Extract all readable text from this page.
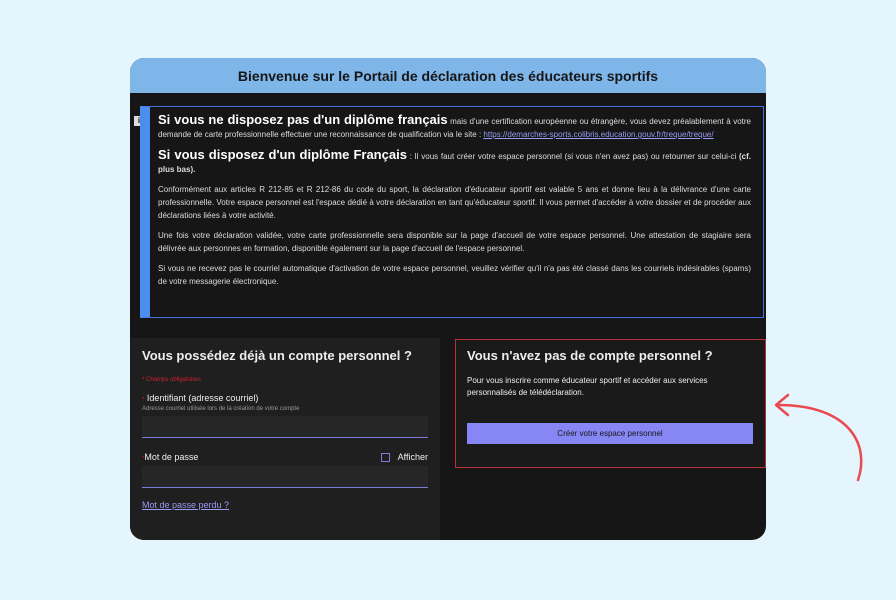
Bienvenue sur le Portail de déclaration des éducateurs sportifs
i Si vous ne disposez pas d'un diplôme français mais d'une certification européenne ou étrangère, vous devez préalablement à votre demande de carte professionnelle effectuer une reconnaissance de qualification via le site : https://demarches-sports.colibris.education.gouv.fr/treque/treque/

Si vous disposez d'un diplôme Français : Il vous faut créer votre espace personnel (si vous n'en avez pas) ou retourner sur celui-ci (cf. plus bas).

Conformément aux articles R 212-85 et R 212-86 du code du sport, la déclaration d'éducateur sportif est valable 5 ans et donne lieu à la délivrance d'une carte professionnelle. Votre espace personnel est l'espace dédié à votre déclaration en tant qu'éducateur sportif. Il vous permet d'accéder à votre dossier et de procéder aux déclarations liées à votre activité.

Une fois votre déclaration validée, votre carte professionnelle sera disponible sur la page d'accueil de votre espace personnel. Une attestation de stagiaire sera délivrée aux personnes en formation, disponible également sur la page d'accueil de l'espace personnel.

Si vous ne recevez pas le courriel automatique d'activation de votre espace personnel, veuillez vérifier qu'il n'a pas été classé dans les courriels indésirables (spams) de votre messagerie électronique.

Vous possédez déjà un compte personnel ?
* Champs obligatoires
* Identifiant (adresse courriel)
Adresse courriel utilisée lors de la création de votre compte
*Mot de passe	Afficher
Mot de passe perdu ?
Vous n'avez pas de compte personnel ?

Pour vous inscrire comme éducateur sportif et accéder aux services personnalisés de télédéclaration.

Créer votre espace personnel
